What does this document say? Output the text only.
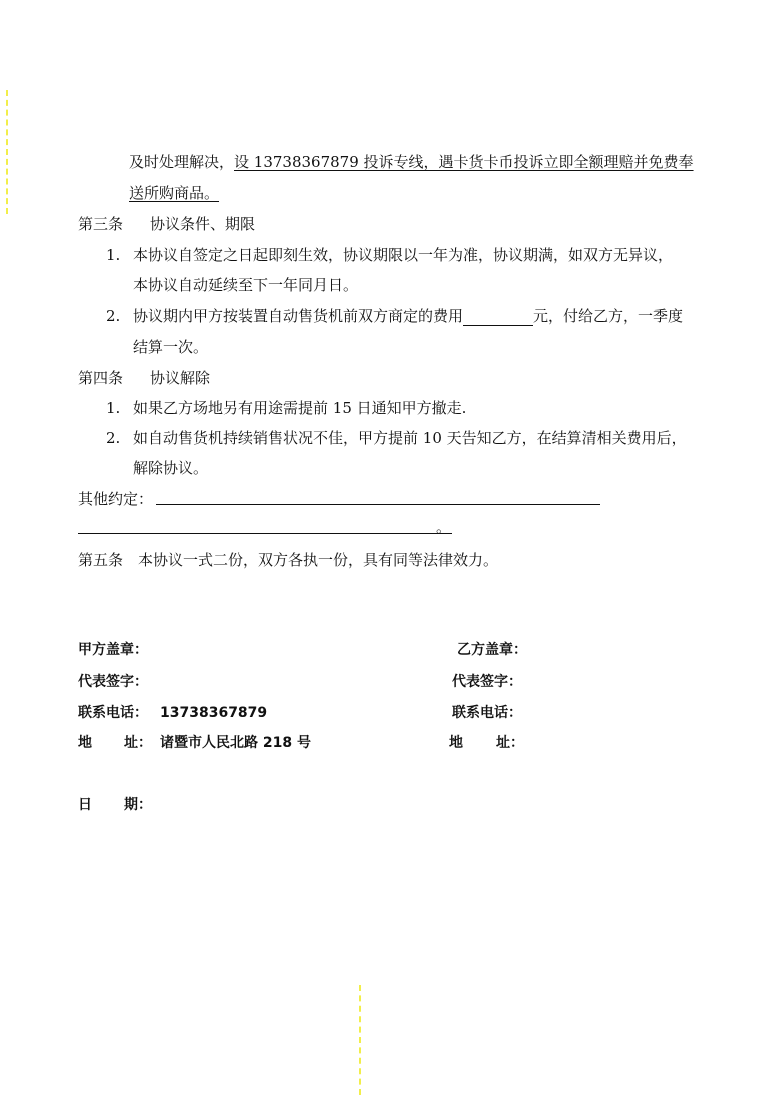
及时处理解决，设 13738367879 投诉专线，遇卡货卡币投诉立即全额理赔并免费奉
送所购商品。
第三条 协议条件、期限
1. 本协议自签定之日起即刻生效，协议期限以一年为准，协议期满，如双方无异议，
本协议自动延续至下一年同月日。
2. 协议期内甲方按装置自动售货机前双方商定的费用	元，付给乙方，一季度
结算一次。
第四条 协议解除
1. 如果乙方场地另有用途需提前 15 日通知甲方撤走.
2. 如自动售货机持续销售状况不佳，甲方提前 10 天告知乙方，在结算清相关费用后，
解除协议。
其他约定：
。
第五条　本协议一式二份，双方各执一份，具有同等法律效力。
甲方盖章：
代表签字：
联系电话： 13738367879
地 址： 诸暨市人民北路 218 号
乙方盖章：
代表签字：
联系电话：
地 址：
日 期：
